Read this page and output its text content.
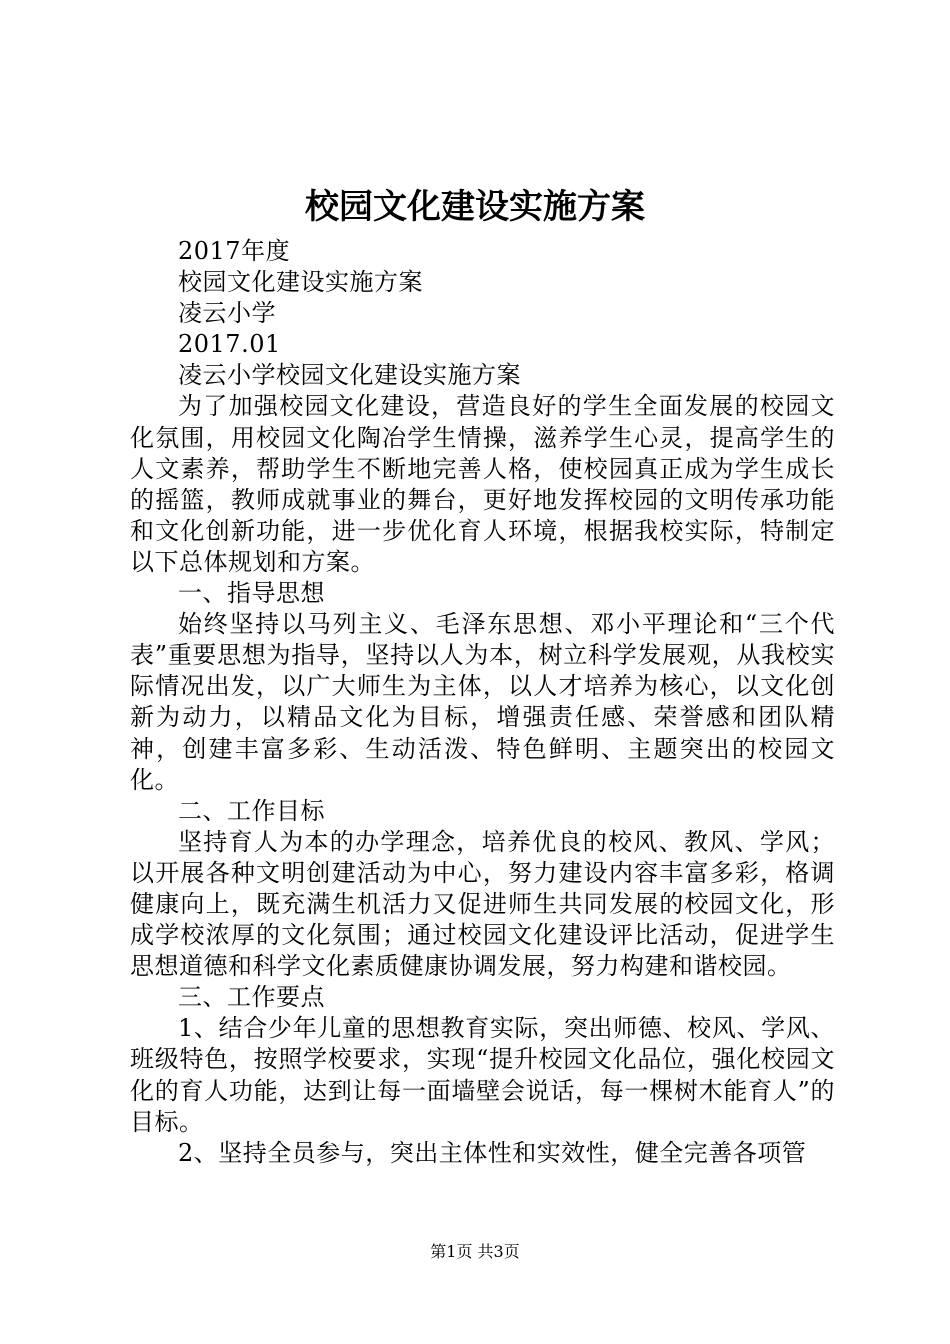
校园文化建设实施方案

2017年度

校园文化建设实施方案

凌云小学

2017.01

凌云小学校园文化建设实施方案

为了加强校园文化建设，营造良好的学生全面发展的校园文化氛围，用校园文化陶冶学生情操，滋养学生心灵，提高学生的人文素养，帮助学生不断地完善人格，使校园真正成为学生成长的摇篮，教师成就事业的舞台，更好地发挥校园的文明传承功能和文化创新功能，进一步优化育人环境，根据我校实际，特制定以下总体规划和方案。

一、指导思想

始终坚持以马列主义、毛泽东思想、邓小平理论和“三个代表”重要思想为指导，坚持以人为本，树立科学发展观，从我校实际情况出发，以广大师生为主体，以人才培养为核心，以文化创新为动力，以精品文化为目标，增强责任感、荣誉感和团队精神，创建丰富多彩、生动活泼、特色鲜明、主题突出的校园文化。

二、工作目标

坚持育人为本的办学理念，培养优良的校风、教风、学风；以开展各种文明创建活动为中心，努力建设内容丰富多彩，格调健康向上，既充满生机活力又促进师生共同发展的校园文化，形成学校浓厚的文化氛围；通过校园文化建设评比活动，促进学生思想道德和科学文化素质健康协调发展，努力构建和谐校园。

三、工作要点

1、结合少年儿童的思想教育实际，突出师德、校风、学风、班级特色，按照学校要求，实现“提升校园文化品位，强化校园文化的育人功能，达到让每一面墙壁会说话，每一棵树木能育人”的目标。

2、坚持全员参与，突出主体性和实效性，健全完善各项管

第1页 共3页
